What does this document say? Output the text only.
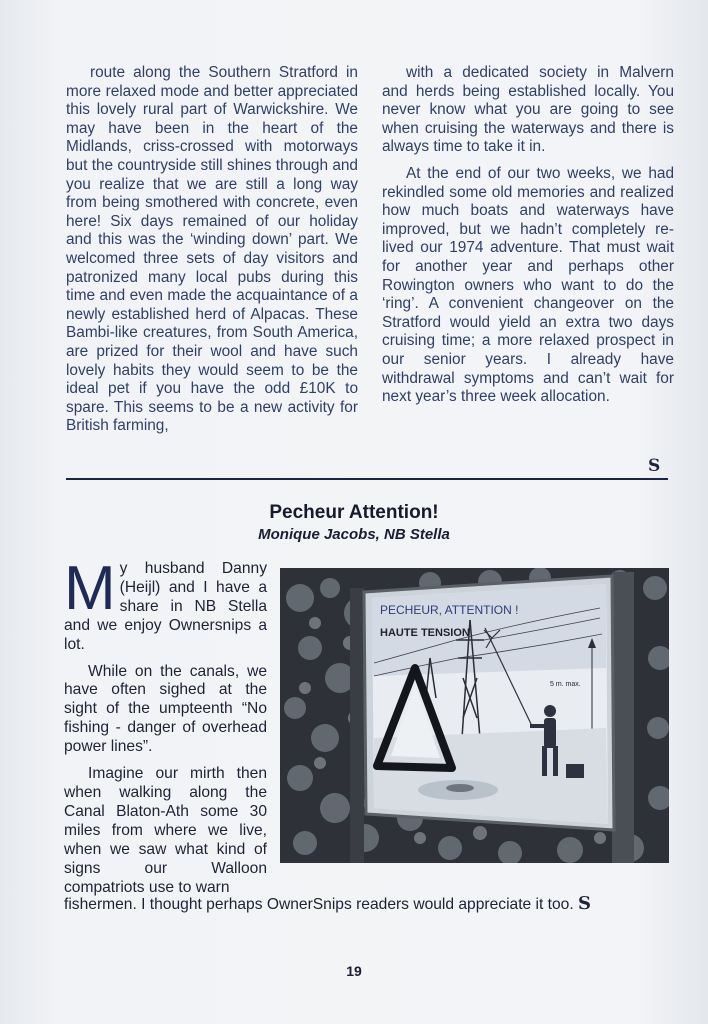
route along the Southern Stratford in more relaxed mode and better appreciated this lovely rural part of Warwickshire. We may have been in the heart of the Midlands, criss-crossed with motorways but the countryside still shines through and you realize that we are still a long way from being smothered with concrete, even here! Six days remained of our holiday and this was the ‘winding down’ part. We welcomed three sets of day visitors and patronized many local pubs during this time and even made the acquaintance of a newly established herd of Alpacas. These Bambi-like creatures, from South America, are prized for their wool and have such lovely habits they would seem to be the ideal pet if you have the odd £10K to spare. This seems to be a new activity for British farming,

with a dedicated society in Malvern and herds being established locally. You never know what you are going to see when cruising the waterways and there is always time to take it in.

At the end of our two weeks, we had rekindled some old memories and realized how much boats and waterways have improved, but we hadn’t completely re-lived our 1974 adventure. That must wait for another year and perhaps other Rowington owners who want to do the ‘ring’. A convenient changeover on the Stratford would yield an extra two days cruising time; a more relaxed prospect in our senior years. I already have withdrawal symptoms and can’t wait for next year’s three week allocation.

S
Pecheur Attention!
Monique Jacobs, NB Stella

My husband Danny (Heijl) and I have a share in NB Stella and we enjoy Ownersnips a lot.

While on the canals, we have often sighed at the sight of the umpteenth “No fishing - danger of overhead power lines”.

Imagine our mirth then when walking along the Canal Blaton-Ath some 30 miles from where we live, when we saw what kind of signs our Walloon compatriots use to warn

PECHEUR, ATTENTION !
HAUTE TENSION
5 m. max.
fishermen. I thought perhaps OwnerSnips readers would appreciate it too. S
19
